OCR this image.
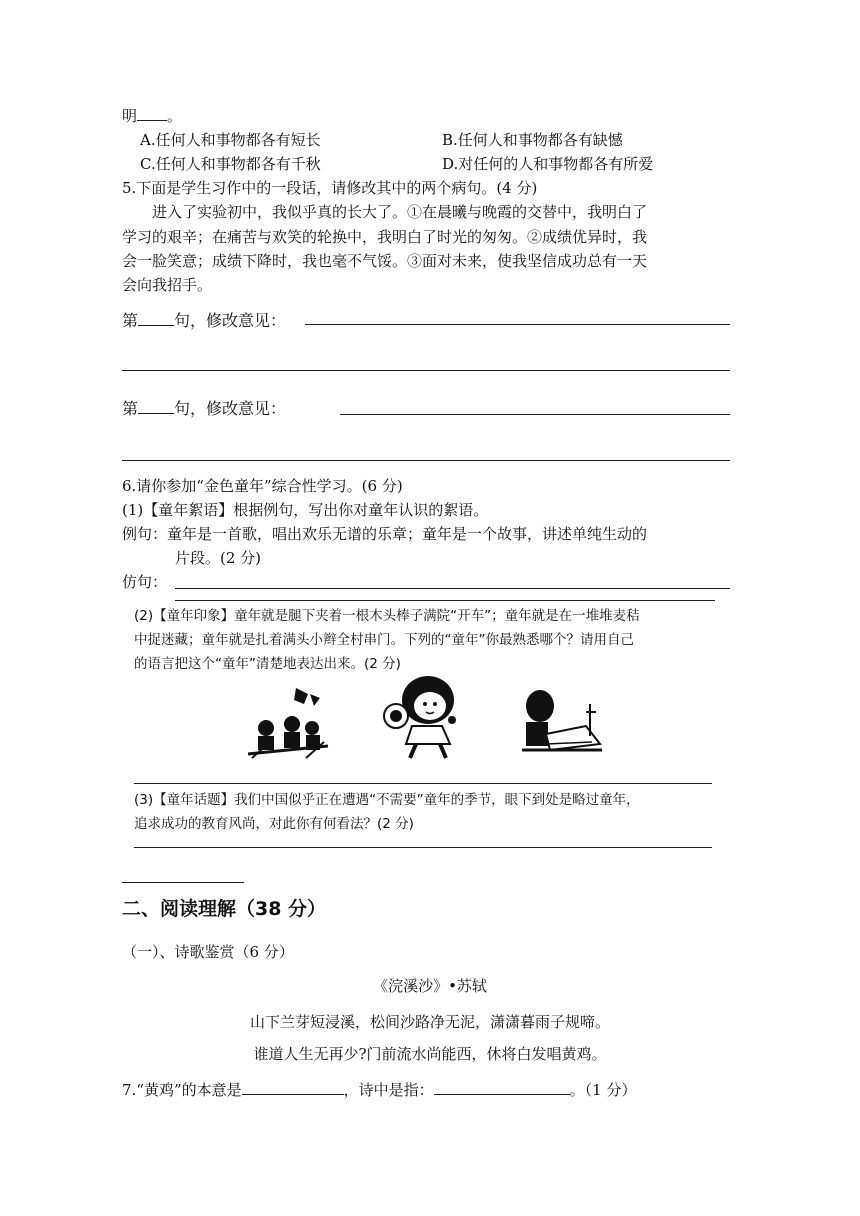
明 。
A.任何人和事物都各有短长	B.任何人和事物都各有缺憾
C.任何人和事物都各有千秋	D.对任何的人和事物都各有所爱
5.下面是学生习作中的一段话，请修改其中的两个病句。(4 分)
　　进入了实验初中，我似乎真的长大了。①在晨曦与晚霞的交替中，我明白了
学习的艰辛；在痛苦与欢笑的轮换中，我明白了时光的匆匆。②成绩优异时，我
会一脸笑意；成绩下降时，我也毫不气馁。③面对未来，使我坚信成功总有一天
会向我招手。
第 句，修改意见：
第 句，修改意见：
6.请你参加“金色童年”综合性学习。(6 分)
(1)【童年絮语】根据例句，写出你对童年认识的絮语。
例句：童年是一首歌，唱出欢乐无谱的乐章；童年是一个故事，讲述单纯生动的
片段。(2 分)
仿句：
(2)【童年印象】童年就是腿下夹着一根木头棒子满院“开车”；童年就是在一堆堆麦秸
中捉迷藏；童年就是扎着满头小辫全村串门。下列的“童年”你最熟悉哪个？请用自己
的语言把这个“童年”清楚地表达出来。(2 分)
(3)【童年话题】我们中国似乎正在遭遇“不需要”童年的季节，眼下到处是略过童年，
追求成功的教育风尚，对此你有何看法？(2 分)
二、阅读理解（38 分）
（一）、诗歌鉴赏（6 分）
《浣溪沙》•苏轼
山下兰芽短浸溪，松间沙路净无泥，潇潇暮雨子规啼。
谁道人生无再少?门前流水尚能西，休将白发唱黄鸡。
7.“黄鸡”的本意是	，诗中是指：	。（1 分）
